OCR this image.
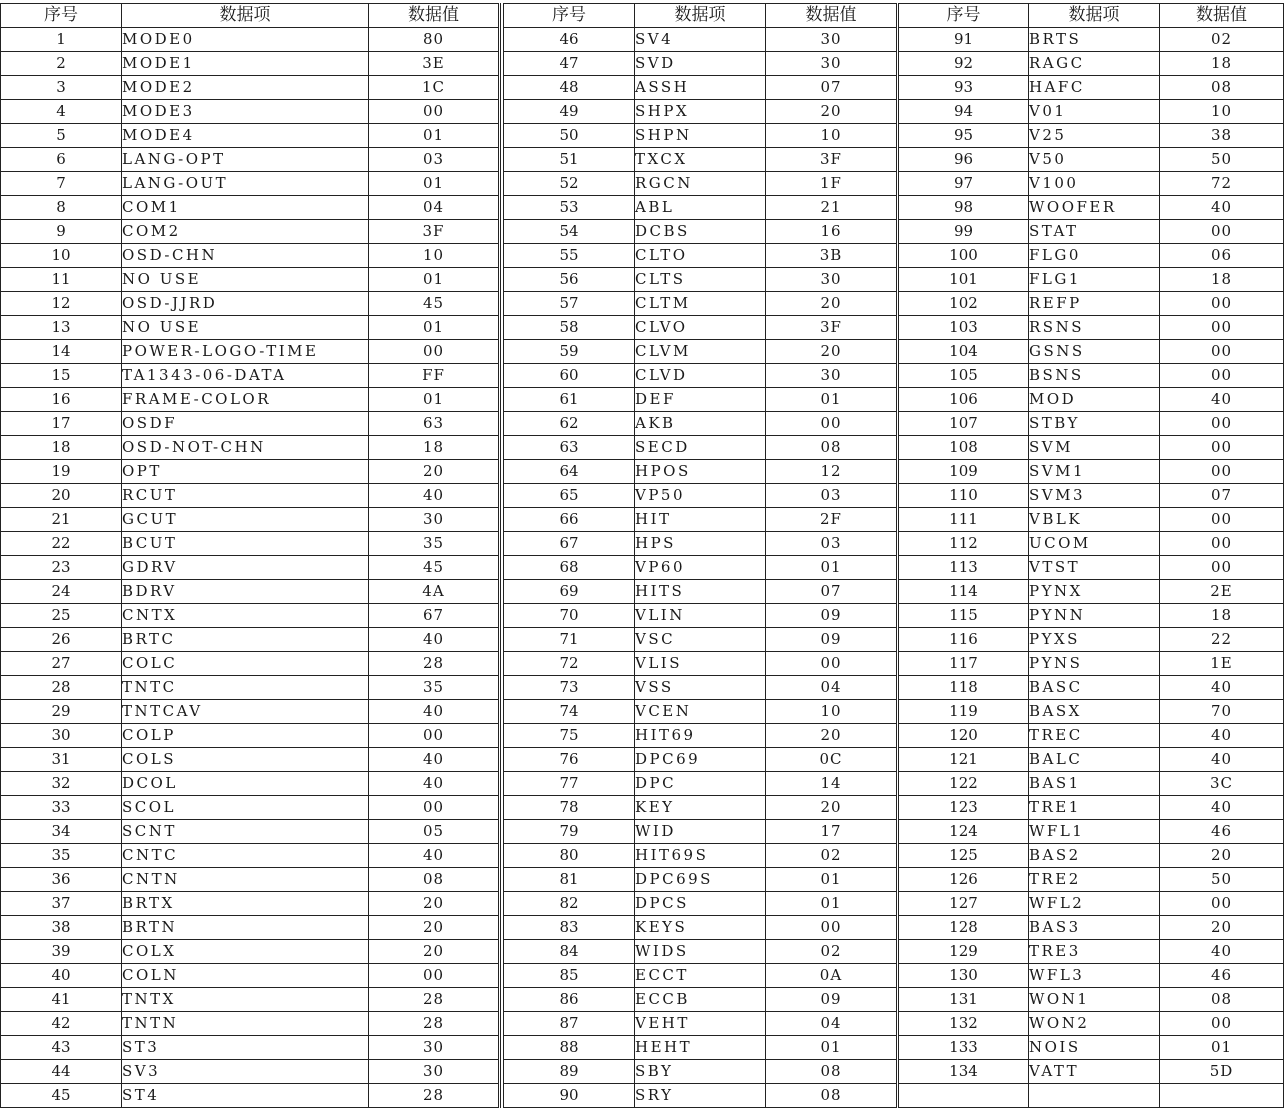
序号	数据项	数据值
1	MODE0	80
2	MODE1	3E
3	MODE2	1C
4	MODE3	00
5	MODE4	01
6	LANG-OPT	03
7	LANG-OUT	01
8	COM1	04
9	COM2	3F
10	OSD-CHN	10
11	NO USE	01
12	OSD-JJRD	45
13	NO USE	01
14	POWER-LOGO-TIME	00
15	TA1343-06-DATA	FF
16	FRAME-COLOR	01
17	OSDF	63
18	OSD-NOT-CHN	18
19	OPT	20
20	RCUT	40
21	GCUT	30
22	BCUT	35
23	GDRV	45
24	BDRV	4A
25	CNTX	67
26	BRTC	40
27	COLC	28
28	TNTC	35
29	TNTCAV	40
30	COLP	00
31	COLS	40
32	DCOL	40
33	SCOL	00
34	SCNT	05
35	CNTC	40
36	CNTN	08
37	BRTX	20
38	BRTN	20
39	COLX	20
40	COLN	00
41	TNTX	28
42	TNTN	28
43	ST3	30
44	SV3	30
45	ST4	28
序号	数据项	数据值
46	SV4	30
47	SVD	30
48	ASSH	07
49	SHPX	20
50	SHPN	10
51	TXCX	3F
52	RGCN	1F
53	ABL	21
54	DCBS	16
55	CLTO	3B
56	CLTS	30
57	CLTM	20
58	CLVO	3F
59	CLVM	20
60	CLVD	30
61	DEF	01
62	AKB	00
63	SECD	08
64	HPOS	12
65	VP50	03
66	HIT	2F
67	HPS	03
68	VP60	01
69	HITS	07
70	VLIN	09
71	VSC	09
72	VLIS	00
73	VSS	04
74	VCEN	10
75	HIT69	20
76	DPC69	0C
77	DPC	14
78	KEY	20
79	WID	17
80	HIT69S	02
81	DPC69S	01
82	DPCS	01
83	KEYS	00
84	WIDS	02
85	ECCT	0A
86	ECCB	09
87	VEHT	04
88	HEHT	01
89	SBY	08
90	SRY	08
序号	数据项	数据值
91	BRTS	02
92	RAGC	18
93	HAFC	08
94	V01	10
95	V25	38
96	V50	50
97	V100	72
98	WOOFER	40
99	STAT	00
100	FLG0	06
101	FLG1	18
102	REFP	00
103	RSNS	00
104	GSNS	00
105	BSNS	00
106	MOD	40
107	STBY	00
108	SVM	00
109	SVM1	00
110	SVM3	07
111	VBLK	00
112	UCOM	00
113	VTST	00
114	PYNX	2E
115	PYNN	18
116	PYXS	22
117	PYNS	1E
118	BASC	40
119	BASX	70
120	TREC	40
121	BALC	40
122	BAS1	3C
123	TRE1	40
124	WFL1	46
125	BAS2	20
126	TRE2	50
127	WFL2	00
128	BAS3	20
129	TRE3	40
130	WFL3	46
131	WON1	08
132	WON2	00
133	NOIS	01
134	VATT	5D
